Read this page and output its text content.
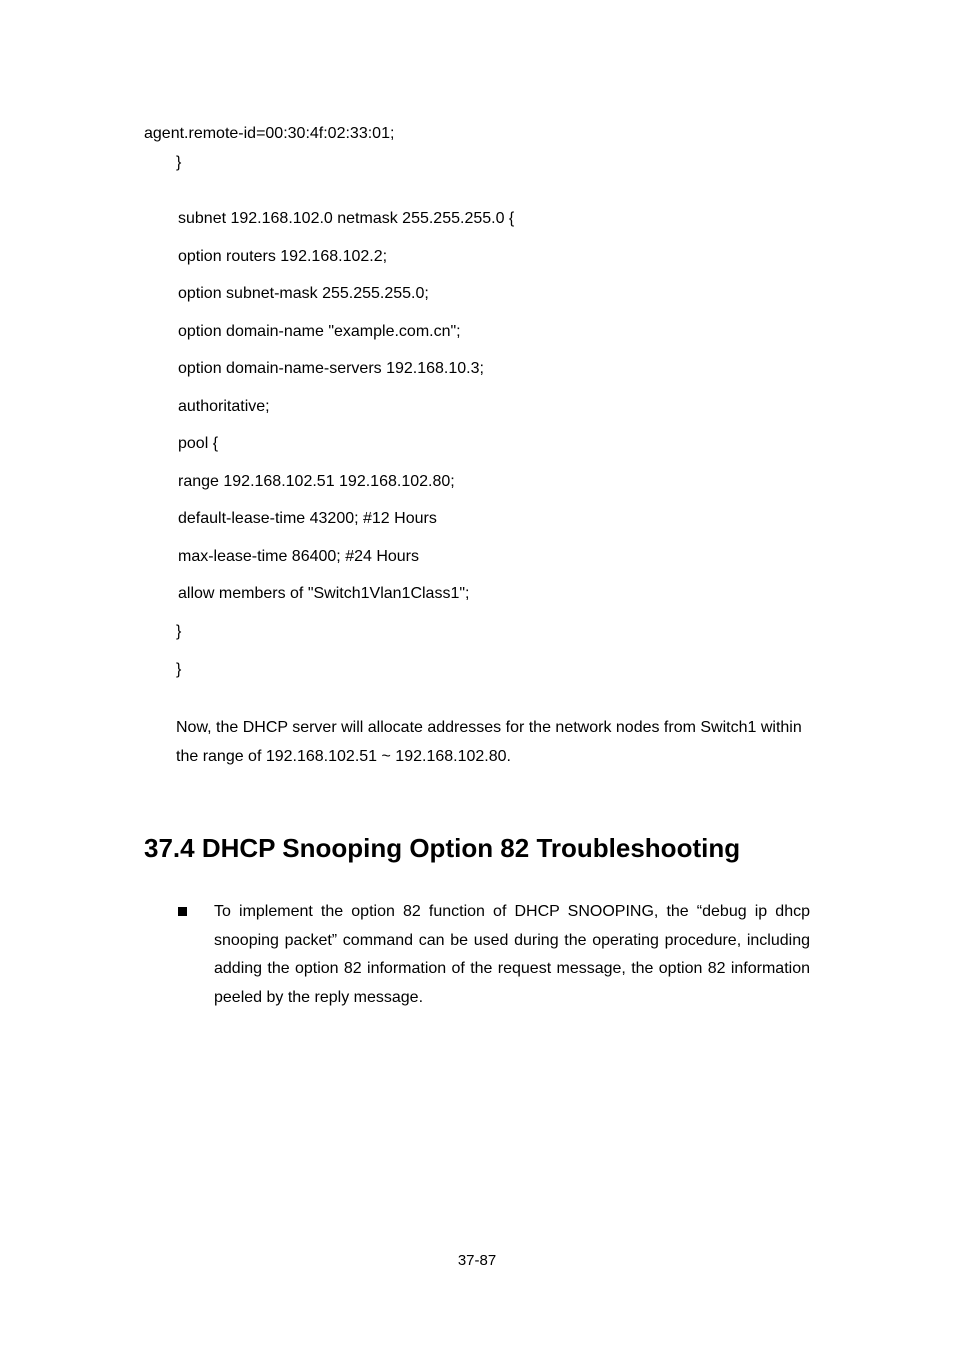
agent.remote-id=00:30:4f:02:33:01;
}
subnet 192.168.102.0 netmask 255.255.255.0 {
option routers 192.168.102.2;
option subnet-mask 255.255.255.0;
option domain-name "example.com.cn";
option domain-name-servers 192.168.10.3;
authoritative;
pool {
range 192.168.102.51 192.168.102.80;
default-lease-time 43200; #12 Hours
max-lease-time 86400; #24 Hours
allow members of "Switch1Vlan1Class1";
}
}

Now, the DHCP server will allocate addresses for the network nodes from Switch1 within the range of 192.168.102.51 ~ 192.168.102.80.

37.4 DHCP Snooping Option 82 Troubleshooting

To implement the option 82 function of DHCP SNOOPING, the “debug ip dhcp snooping packet” command can be used during the operating procedure, including adding the option 82 information of the request message, the option 82 information peeled by the reply message.

37-87
